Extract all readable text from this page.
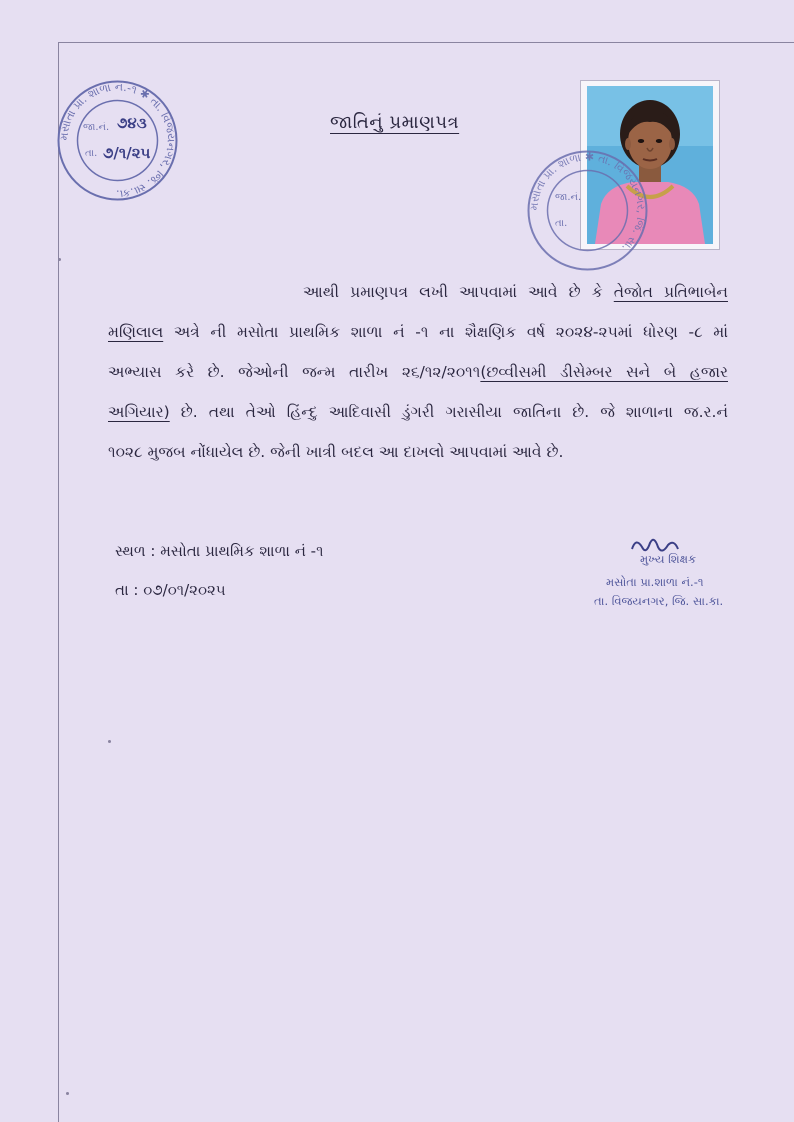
મસોતા પ્રા. શાળા નં.-૧ ✱ તા. વિજયનગર, જિ. સા.કા.
જા.નં. ૭૪૩
તા. ૭/૧/૨૫
જાતિનું પ્રમાણપત્ર
મસોતા પ્રા. શાળા ✱ તા. વિજયનગર, જિ. સા.
જા.નં.
તા.
આથી પ્રમાણપત્ર લખી આપવામાં આવે છે કે તેજોત પ્રતિભાબેન
મણિલાલ અત્રે ની મસોતા પ્રાથમિક શાળા નં -૧ ના શૈક્ષણિક વર્ષ ૨૦૨૪-૨૫માં ધોરણ -૮ માં
અભ્યાસ કરે છે. જેઓની જન્મ તારીખ ૨૬/૧૨/૨૦૧૧(છવ્વીસમી ડીસેમ્બર સને બે હજાર
અગિયાર) છે. તથા તેઓ હિંન્દુ આદિવાસી ડુંગરી ગરાસીયા જાતિના છે. જે શાળાના જ.ર.નં
૧૦૨૮ મુજબ નોંધાયેલ છે. જેની ખાત્રી બદલ આ દાખલો આપવામાં આવે છે.
સ્થળ : મસોતા પ્રાથમિક શાળા નં -૧
તા : ૦૭/૦૧/૨૦૨૫
મુખ્ય શિક્ષક
મસોતા પ્રા.શાળા નં.-૧
તા. વિજયનગર, જિ. સા.કા.
